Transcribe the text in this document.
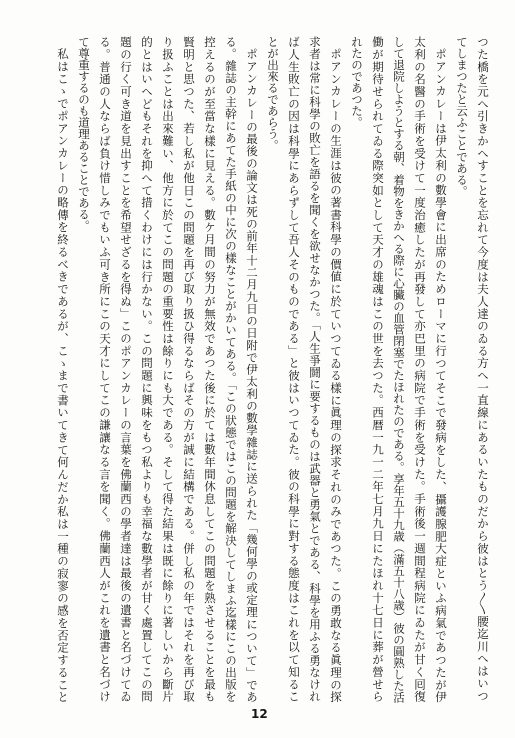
つた橋を元へ引きかへすことを忘れて今度は夫人達のゐる方へ一直線にあるいたものだから彼はとう〳〵腰迄川へはいつ
てしまつたと云ふことである。
ポアンカレーは伊太利の數學會に出席のためローマに行つてそこで發病をした、攝護腺肥大症といふ病氣であつたが伊
太利の名醫の手術を受けて一度治癒したが再發して亦巴里の病院で手術を受けた。手術後一週間程病院にゐたが甘く囘復
して退院しようとする朝、着物をきかへる際に心臟の血管閉塞でたほれたのである。享年五十九歳（滿五十八歳）彼の圓熟した活
働が期待せられてゐる際突如として天才の雄魂はこの世を去つた。西暦一九一二年七月九日にたほれ十七日に葬が營せら
れたのであつた。
ポアンカレーの生涯は彼の著書科學の價値に於ていつてゐる樣に眞理の探求それのみであつた。この勇敢なる眞理の探
求者は常に科學の敗亡を語るを聞くを欲せなかつた。「人生爭鬪に要するものは武器と勇氣とである、科學を用ふる勇なけれ
ば人生敗亡の因は科學にあらずして吾人そのものである」と彼はいつてゐた。彼の科學に對する態度はこれを以て知るこ
とが出來るであらう。
ポアンカレーの最後の論文は死の前年十二月九日の日附で伊太利の數學雜誌に送られた「幾何學の或定理について」であ
る。雜誌の主幹にあてた手紙の中に次の樣なことがかいてある。「この狀態ではこの問題を解決してしまふ迄樣にこの出版を
控えるのが至當な樣に見える。數ケ月間の努力が無效であつた後に於ては數年間休息してこの問題を熟させることを最も
賢明と思つた、若し私が他日この問題を再び取り扱ひ得るならばその方が誠に結構である。併し私の年ではそれを再び取
り扱ふことは出來難い、他方に於てこの問題の重要性は餘りにも大である。そして得た結果は既に餘りに著しいから斷片
的とはいへどもそれを抑へて措くわけには行かない。この問題に興味をもつ私よりも幸福な數學者が甘く處置してこの問
題の行く可き道を見出すことを希望せざるを得ぬ」このポアンカレーの言葉を佛蘭西の學者達は最後の遺書と名づけてゐ
る。普通の人ならば負け惜しみでもいふ可き所にこの天才にしてこの謙讓なる言を聞く。佛蘭西人がこれを遺書と名づけ
て尊重するのも道理あることである。
私はこゝでポアンカレーの略傳を終るべきであるが、こゝまで書いてきて何んだか私は一種の寂寥の感を否定すること
12
